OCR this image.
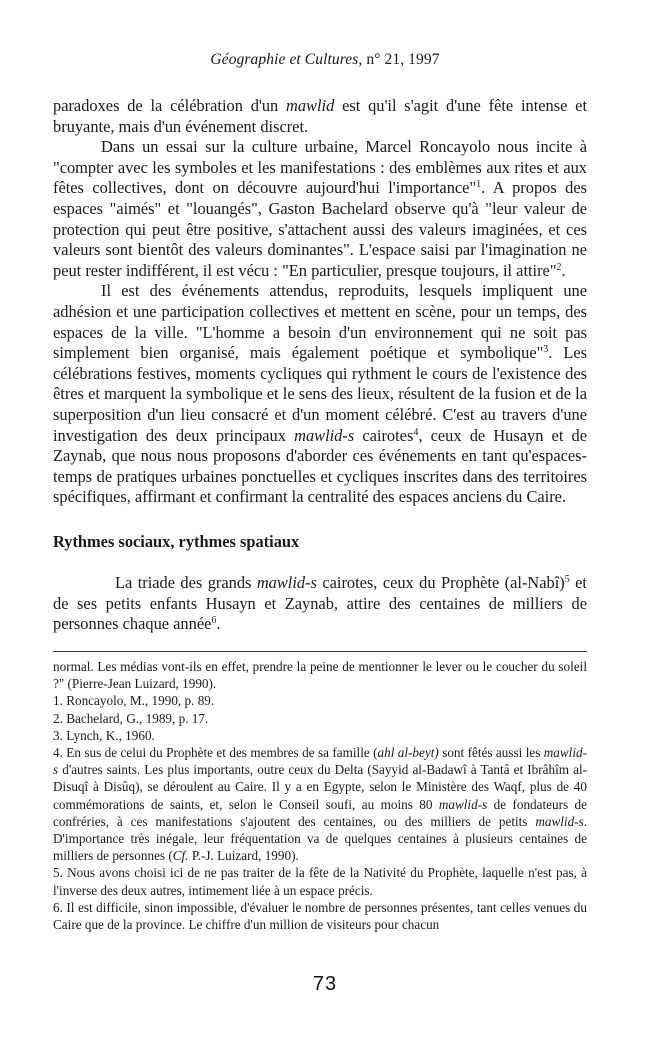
Géographie et Cultures, n° 21, 1997

paradoxes de la célébration d'un mawlid est qu'il s'agit d'une fête intense et bruyante, mais d'un événement discret.

Dans un essai sur la culture urbaine, Marcel Roncayolo nous incite à "compter avec les symboles et les manifestations : des emblèmes aux rites et aux fêtes collectives, dont on découvre aujourd'hui l'importance"$^1$. A propos des espaces "aimés" et "louangés", Gaston Bachelard observe qu'à "leur valeur de protection qui peut être positive, s'attachent aussi des valeurs imaginées, et ces valeurs sont bientôt des valeurs dominantes". L'espace saisi par l'imagination ne peut rester indifférent, il est vécu : "En particulier, presque toujours, il attire"$^2$.

Il est des événements attendus, reproduits, lesquels impliquent une adhésion et une participation collectives et mettent en scène, pour un temps, des espaces de la ville. "L'homme a besoin d'un environnement qui ne soit pas simplement bien organisé, mais également poétique et symbolique"$^3$. Les célébrations festives, moments cycliques qui rythment le cours de l'existence des êtres et marquent la symbolique et le sens des lieux, résultent de la fusion et de la superposition d'un lieu consacré et d'un moment célébré. C'est au travers d'une investigation des deux principaux mawlid-s cairotes$^4$, ceux de Husayn et de Zaynab, que nous nous proposons d'aborder ces événements en tant qu'espaces-temps de pratiques urbaines ponctuelles et cycliques inscrites dans des territoires spécifiques, affirmant et confirmant la centralité des espaces anciens du Caire.

Rythmes sociaux, rythmes spatiaux

La triade des grands mawlid-s cairotes, ceux du Prophète (al-Nabî)$^5$ et de ses petits enfants Husayn et Zaynab, attire des centaines de milliers de personnes chaque année$^6$.

normal. Les médias vont-ils en effet, prendre la peine de mentionner le lever ou le coucher du soleil ?" (Pierre-Jean Luizard, 1990).

1. Roncayolo, M., 1990, p. 89.

2. Bachelard, G., 1989, p. 17.

3. Lynch, K., 1960.

4. En sus de celui du Prophète et des membres de sa famille (ahl al-beyt) sont fêtés aussi les mawlid-s d'autres saints. Les plus importants, outre ceux du Delta (Sayyid al-Badawî à Tantâ et Ibrâhîm al-Disuqî à Disûq), se déroulent au Caire. Il y a en Egypte, selon le Ministère des Waqf, plus de 40 commémorations de saints, et, selon le Conseil soufi, au moins 80 mawlid-s de fondateurs de confréries, à ces manifestations s'ajoutent des centaines, ou des milliers de petits mawlid-s. D'importance très inégale, leur fréquentation va de quelques centaines à plusieurs centaines de milliers de personnes (Cf. P.-J. Luizard, 1990).

5. Nous avons choisi ici de ne pas traiter de la fête de la Nativité du Prophète, laquelle n'est pas, à l'inverse des deux autres, intimement liée à un espace précis.

6. Il est difficile, sinon impossible, d'évaluer le nombre de personnes présentes, tant celles venues du Caire que de la province. Le chiffre d'un million de visiteurs pour chacun

73
